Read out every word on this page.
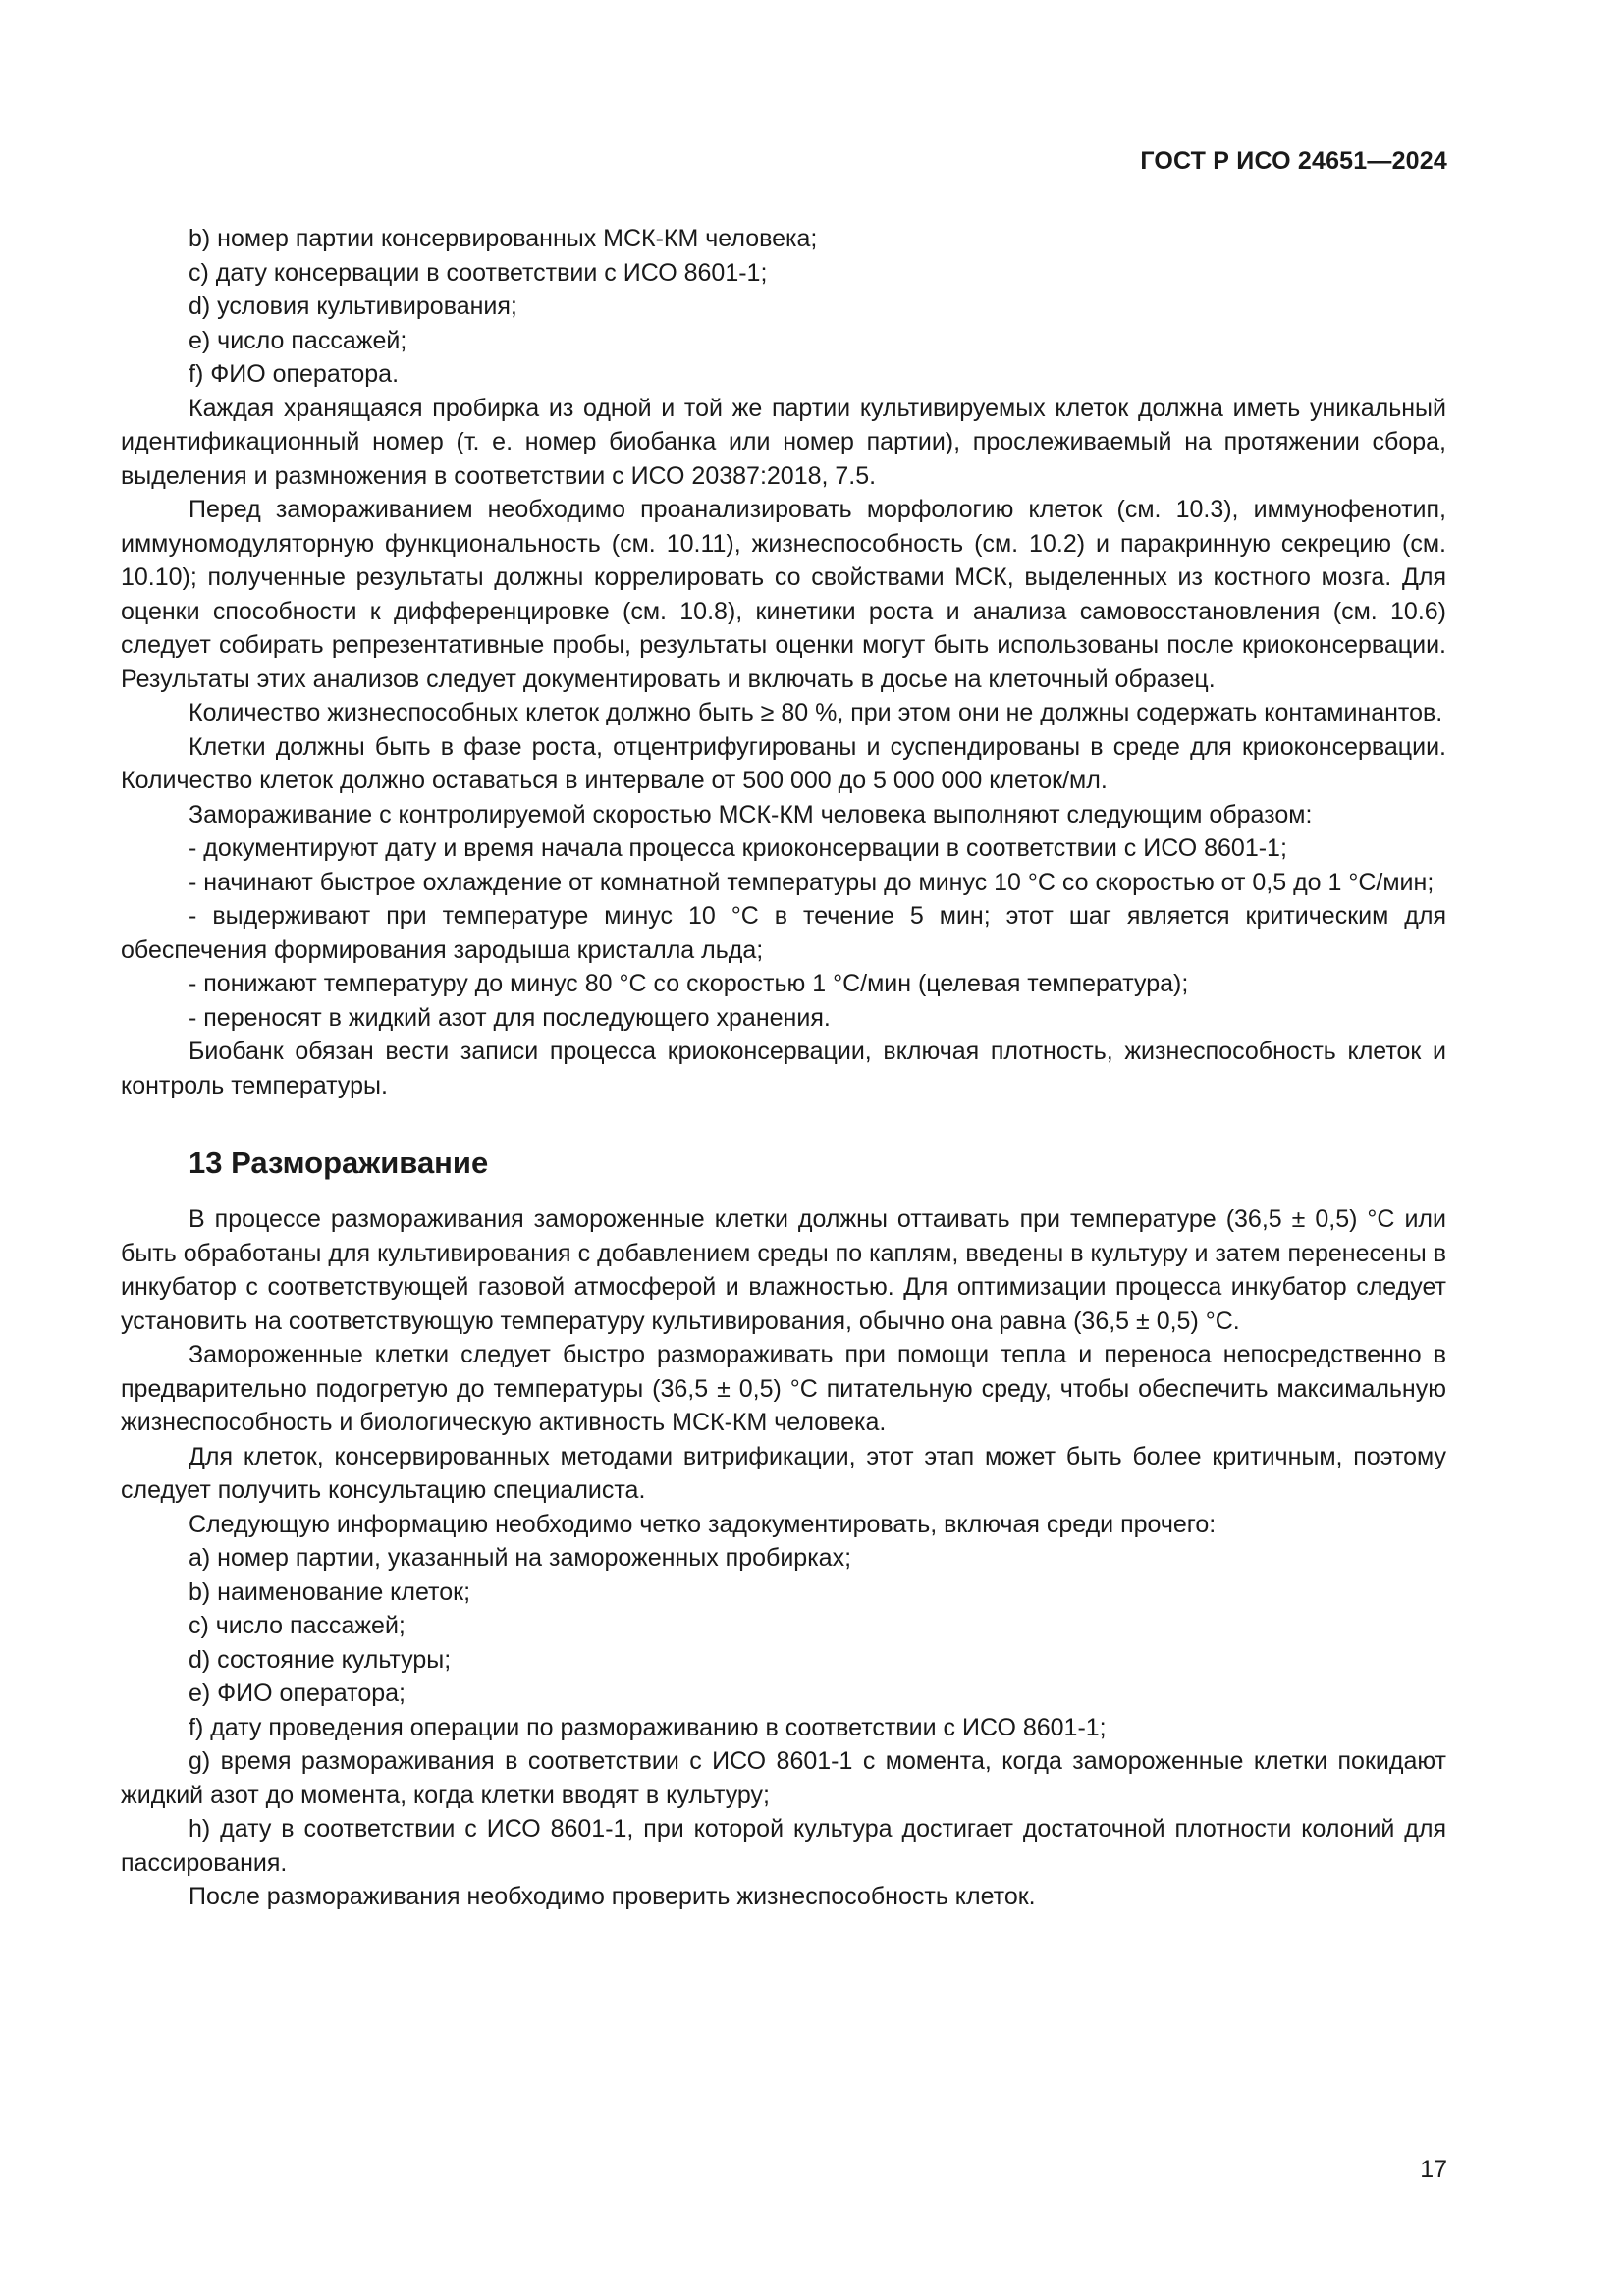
ГОСТ Р ИСО 24651—2024

b) номер партии консервированных МСК-КМ человека;

c) дату консервации в соответствии с ИСО 8601-1;

d) условия культивирования;

e) число пассажей;

f) ФИО оператора.

Каждая хранящаяся пробирка из одной и той же партии культивируемых клеток должна иметь уникальный идентификационный номер (т. е. номер биобанка или номер партии), прослеживаемый на протяжении сбора, выделения и размножения в соответствии с ИСО 20387:2018, 7.5.

Перед замораживанием необходимо проанализировать морфологию клеток (см. 10.3), иммунофенотип, иммуномодуляторную функциональность (см. 10.11), жизнеспособность (см. 10.2) и паракринную секрецию (см. 10.10); полученные результаты должны коррелировать со свойствами МСК, выделенных из костного мозга. Для оценки способности к дифференцировке (см. 10.8), кинетики роста и анализа самовосстановления (см. 10.6) следует собирать репрезентативные пробы, результаты оценки могут быть использованы после криоконсервации. Результаты этих анализов следует документировать и включать в досье на клеточный образец.

Количество жизнеспособных клеток должно быть ≥ 80 %, при этом они не должны содержать контаминантов.

Клетки должны быть в фазе роста, отцентрифугированы и суспендированы в среде для криоконсервации. Количество клеток должно оставаться в интервале от 500 000 до 5 000 000 клеток/мл.

Замораживание с контролируемой скоростью МСК-КМ человека выполняют следующим образом:

- документируют дату и время начала процесса криоконсервации в соответствии с ИСО 8601-1;

- начинают быстрое охлаждение от комнатной температуры до минус 10 °С со скоростью от 0,5 до 1 °С/мин;

- выдерживают при температуре минус 10 °С в течение 5 мин; этот шаг является критическим для обеспечения формирования зародыша кристалла льда;

- понижают температуру до минус 80 °С со скоростью 1 °С/мин (целевая температура);

- переносят в жидкий азот для последующего хранения.

Биобанк обязан вести записи процесса криоконсервации, включая плотность, жизнеспособность клеток и контроль температуры.

13 Размораживание

В процессе размораживания замороженные клетки должны оттаивать при температуре (36,5 ± 0,5) °С или быть обработаны для культивирования с добавлением среды по каплям, введены в культуру и затем перенесены в инкубатор с соответствующей газовой атмосферой и влажностью. Для оптимизации процесса инкубатор следует установить на соответствующую температуру культивирования, обычно она равна (36,5 ± 0,5) °С.

Замороженные клетки следует быстро размораживать при помощи тепла и переноса непосредственно в предварительно подогретую до температуры (36,5 ± 0,5) °С питательную среду, чтобы обеспечить максимальную жизнеспособность и биологическую активность МСК-КМ человека.

Для клеток, консервированных методами витрификации, этот этап может быть более критичным, поэтому следует получить консультацию специалиста.

Следующую информацию необходимо четко задокументировать, включая среди прочего:

a) номер партии, указанный на замороженных пробирках;

b) наименование клеток;

c) число пассажей;

d) состояние культуры;

e) ФИО оператора;

f) дату проведения операции по размораживанию в соответствии с ИСО 8601-1;

g) время размораживания в соответствии с ИСО 8601-1 с момента, когда замороженные клетки покидают жидкий азот до момента, когда клетки вводят в культуру;

h) дату в соответствии с ИСО 8601-1, при которой культура достигает достаточной плотности колоний для пассирования.

После размораживания необходимо проверить жизнеспособность клеток.

17
